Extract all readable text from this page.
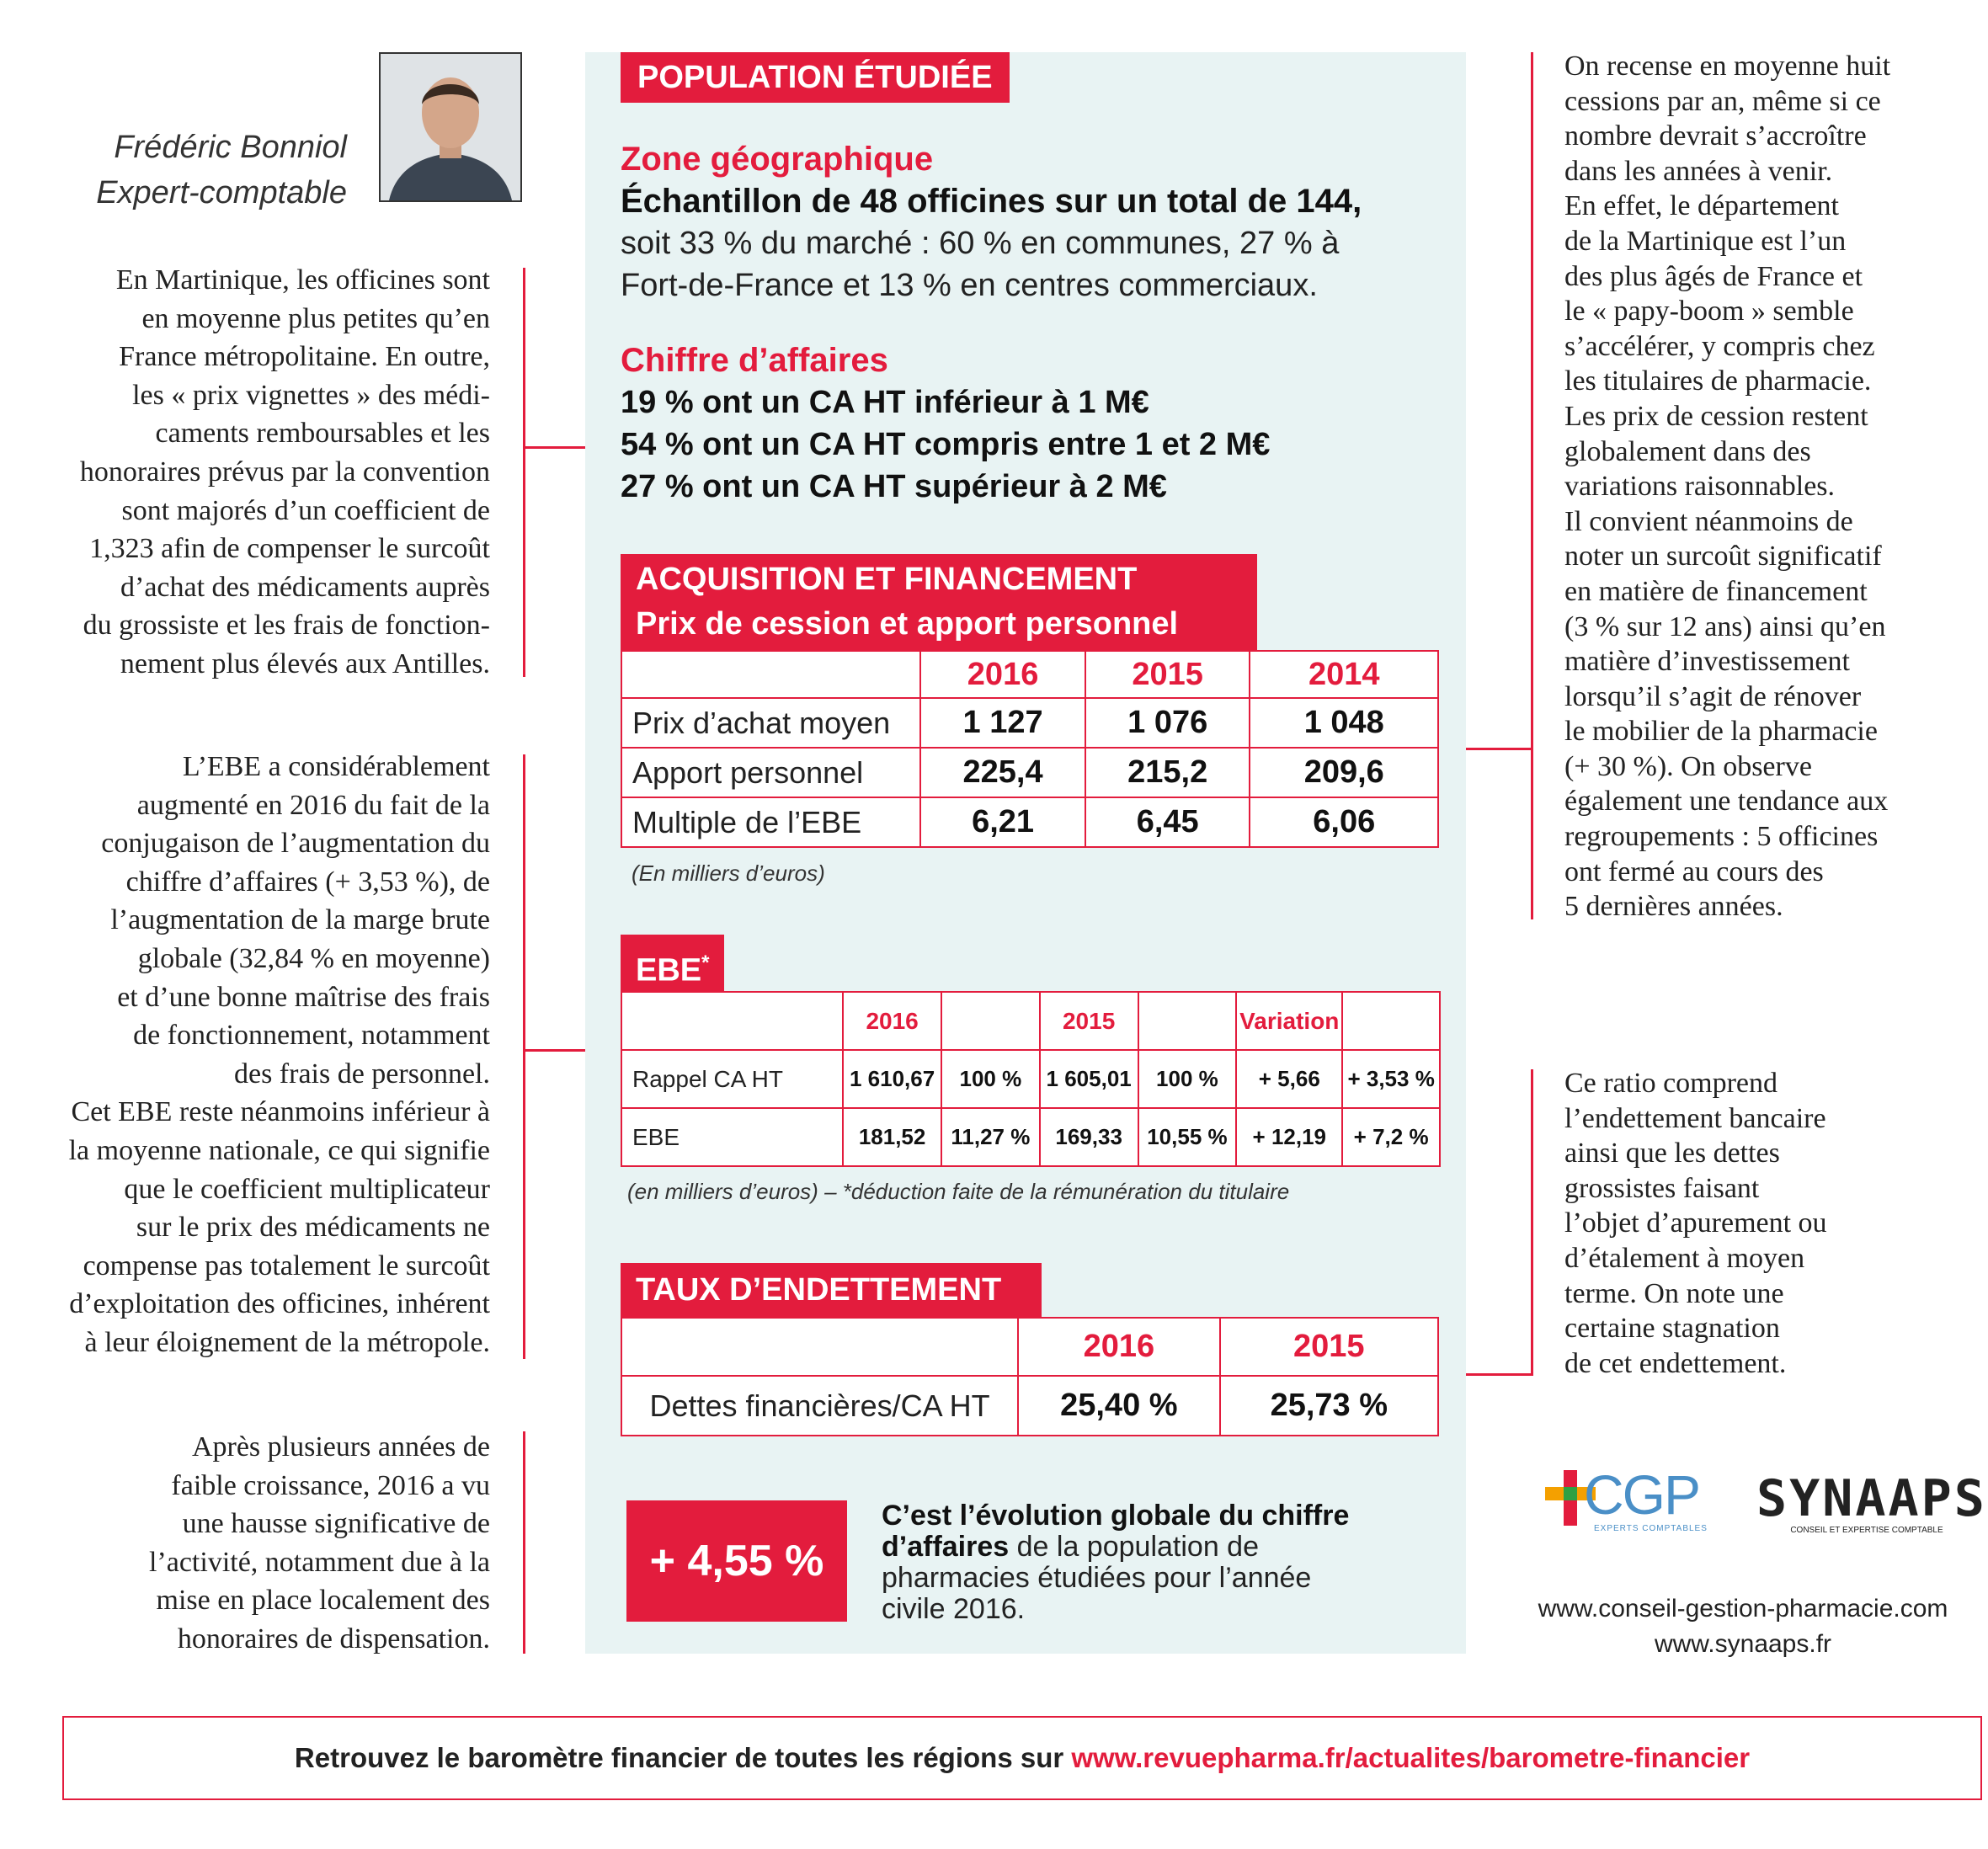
Frédéric Bonniol
Expert-comptable
En Martinique, les officines sont
en moyenne plus petites qu’en
France métropolitaine. En outre,
les « prix vignettes » des médi-
caments remboursables et les
honoraires prévus par la convention
sont majorés d’un coefficient de
1,323 afin de compenser le surcoût
d’achat des médicaments auprès
du grossiste et les frais de fonction-
nement plus élevés aux Antilles.
L’EBE a considérablement
augmenté en 2016 du fait de la
conjugaison de l’augmentation du
chiffre d’affaires (+ 3,53 %), de
l’augmentation de la marge brute
globale (32,84 % en moyenne)
et d’une bonne maîtrise des frais
de fonctionnement, notamment
des frais de personnel.
Cet EBE reste néanmoins inférieur à
la moyenne nationale, ce qui signifie
que le coefficient multiplicateur
sur le prix des médicaments ne
compense pas totalement le surcoût
d’exploitation des officines, inhérent
à leur éloignement de la métropole.
Après plusieurs années de
faible croissance, 2016 a vu
une hausse significative de
l’activité, notamment due à la
mise en place localement des
honoraires de dispensation.
POPULATION ÉTUDIÉE
Zone géographique
Échantillon de 48 officines sur un total de 144,
soit 33 % du marché : 60 % en communes, 27 % à
Fort-de-France et 13 % en centres commerciaux.
Chiffre d’affaires
19 % ont un CA HT inférieur à 1 M€
54 % ont un CA HT compris entre 1 et 2 M€
27 % ont un CA HT supérieur à 2 M€
ACQUISITION ET FINANCEMENT
Prix de cession et apport personnel
	2016	2015	2014
Prix d’achat moyen	1 127	1 076	1 048
Apport personnel	225,4	215,2	209,6
Multiple de l’EBE	6,21	6,45	6,06
(En milliers d’euros)
EBE*
	2016		2015		Variation	
Rappel CA HT	1 610,67	100 %	1 605,01	100 %	+ 5,66	+ 3,53 %
EBE	181,52	11,27 %	169,33	10,55 %	+ 12,19	+ 7,2 %
(en milliers d’euros) – *déduction faite de la rémunération du titulaire
TAUX D’ENDETTEMENT
	2016	2015
Dettes financières/CA HT	25,40 %	25,73 %
+ 4,55 %
C’est l’évolution globale du chiffre d’affaires de la population de pharmacies étudiées pour l’année civile 2016.
On recense en moyenne huit
cessions par an, même si ce
nombre devrait s’accroître
dans les années à venir.
En effet, le département
de la Martinique est l’un
des plus âgés de France et
le « papy-boom » semble
s’accélérer, y compris chez
les titulaires de pharmacie.
Les prix de cession restent
globalement dans des
variations raisonnables.
Il convient néanmoins de
noter un surcoût significatif
en matière de financement
(3 % sur 12 ans) ainsi qu’en
matière d’investissement
lorsqu’il s’agit de rénover
le mobilier de la pharmacie
(+ 30 %). On observe
également une tendance aux
regroupements : 5 officines
ont fermé au cours des
5 dernières années.
Ce ratio comprend
l’endettement bancaire
ainsi que les dettes
grossistes faisant
l’objet d’apurement ou
d’étalement à moyen
terme. On note une
certaine stagnation
de cet endettement.
CGP
EXPERTS COMPTABLES
SYNAAPS
CONSEIL ET EXPERTISE COMPTABLE
www.conseil-gestion-pharmacie.com
www.synaaps.fr
Retrouvez le baromètre financier de toutes les régions sur www.revuepharma.fr/actualites/barometre-financier
